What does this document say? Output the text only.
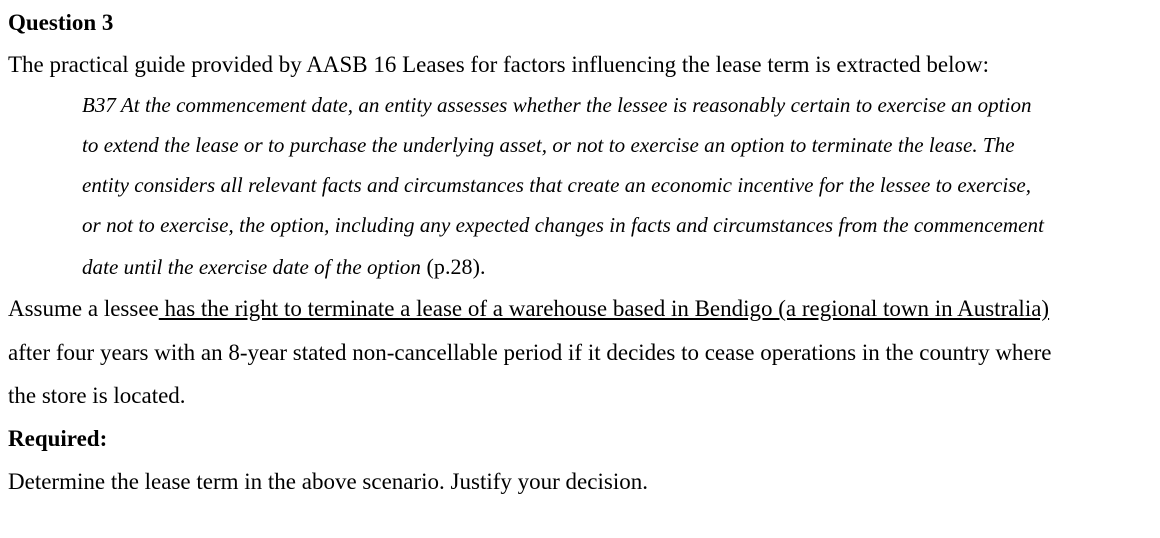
Question 3
The practical guide provided by AASB 16 Leases for factors influencing the lease term is extracted below:
B37 At the commencement date, an entity assesses whether the lessee is reasonably certain to exercise an option
to extend the lease or to purchase the underlying asset, or not to exercise an option to terminate the lease. The
entity considers all relevant facts and circumstances that create an economic incentive for the lessee to exercise,
or not to exercise, the option, including any expected changes in facts and circumstances from the commencement
date until the exercise date of the option (p.28).
Assume a lessee has the right to terminate a lease of a warehouse based in Bendigo (a regional town in Australia)
after four years with an 8-year stated non-cancellable period if it decides to cease operations in the country where
the store is located.
Required:
Determine the lease term in the above scenario. Justify your decision.
